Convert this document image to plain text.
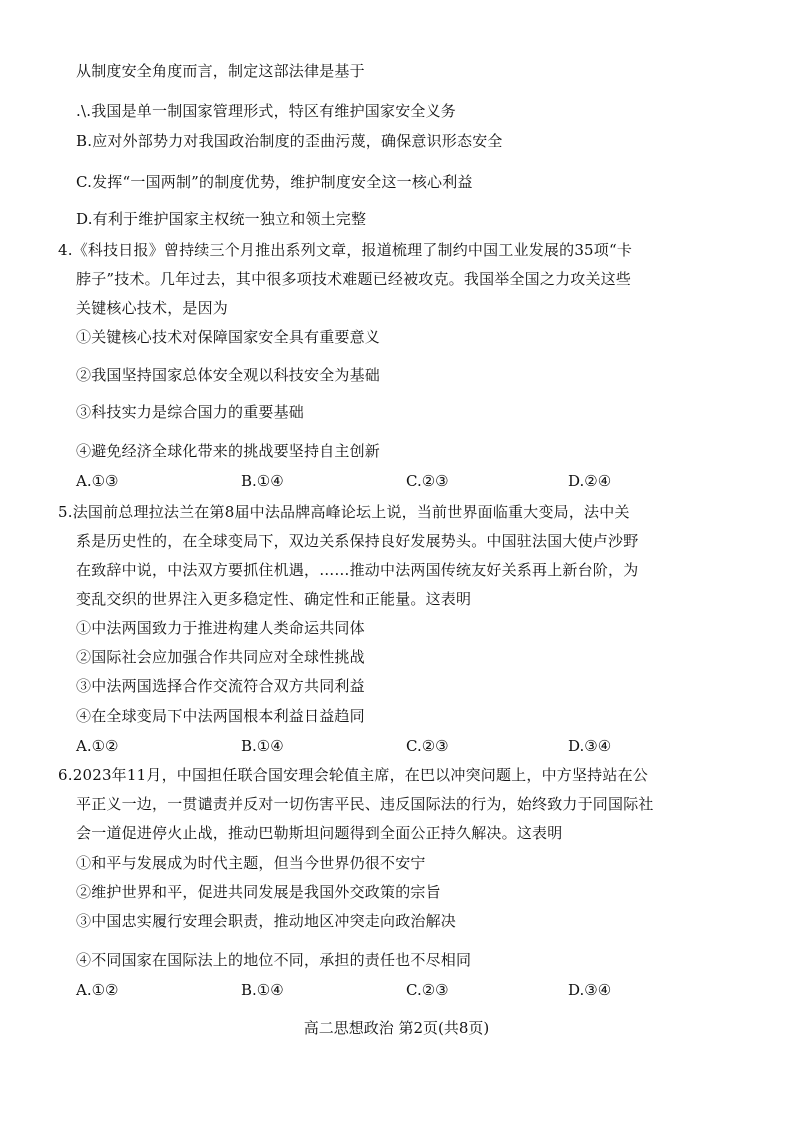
从制度安全角度而言，制定这部法律是基于
.\.我国是单一制国家管理形式，特区有维护国家安全义务
B.应对外部势力对我国政治制度的歪曲污蔑，确保意识形态安全
C.发挥“一国两制”的制度优势，维护制度安全这一核心利益
D.有利于维护国家主权统一独立和领土完整
4.《科技日报》曾持续三个月推出系列文章，报道梳理了制约中国工业发展的35项“卡
脖子”技术。几年过去，其中很多项技术难题已经被攻克。我国举全国之力攻关这些
关键核心技术，是因为
①关键核心技术对保障国家安全具有重要意义
②我国坚持国家总体安全观以科技安全为基础
③科技实力是综合国力的重要基础
④避免经济全球化带来的挑战要坚持自主创新
A.①③	B.①④	C.②③	D.②④
5.法国前总理拉法兰在第8届中法品牌高峰论坛上说，当前世界面临重大变局，法中关
系是历史性的，在全球变局下，双边关系保持良好发展势头。中国驻法国大使卢沙野
在致辞中说，中法双方要抓住机遇，……推动中法两国传统友好关系再上新台阶，为
变乱交织的世界注入更多稳定性、确定性和正能量。这表明
①中法两国致力于推进构建人类命运共同体
②国际社会应加强合作共同应对全球性挑战
③中法两国选择合作交流符合双方共同利益
④在全球变局下中法两国根本利益日益趋同
A.①②	B.①④	C.②③	D.③④
6.2023年11月，中国担任联合国安理会轮值主席，在巴以冲突问题上，中方坚持站在公
平正义一边，一贯谴责并反对一切伤害平民、违反国际法的行为，始终致力于同国际社
会一道促进停火止战，推动巴勒斯坦问题得到全面公正持久解决。这表明
①和平与发展成为时代主题，但当今世界仍很不安宁
②维护世界和平，促进共同发展是我国外交政策的宗旨
③中国忠实履行安理会职责，推动地区冲突走向政治解决
④不同国家在国际法上的地位不同，承担的责任也不尽相同
A.①②	B.①④	C.②③	D.③④
高二思想政治 第2页(共8页)
